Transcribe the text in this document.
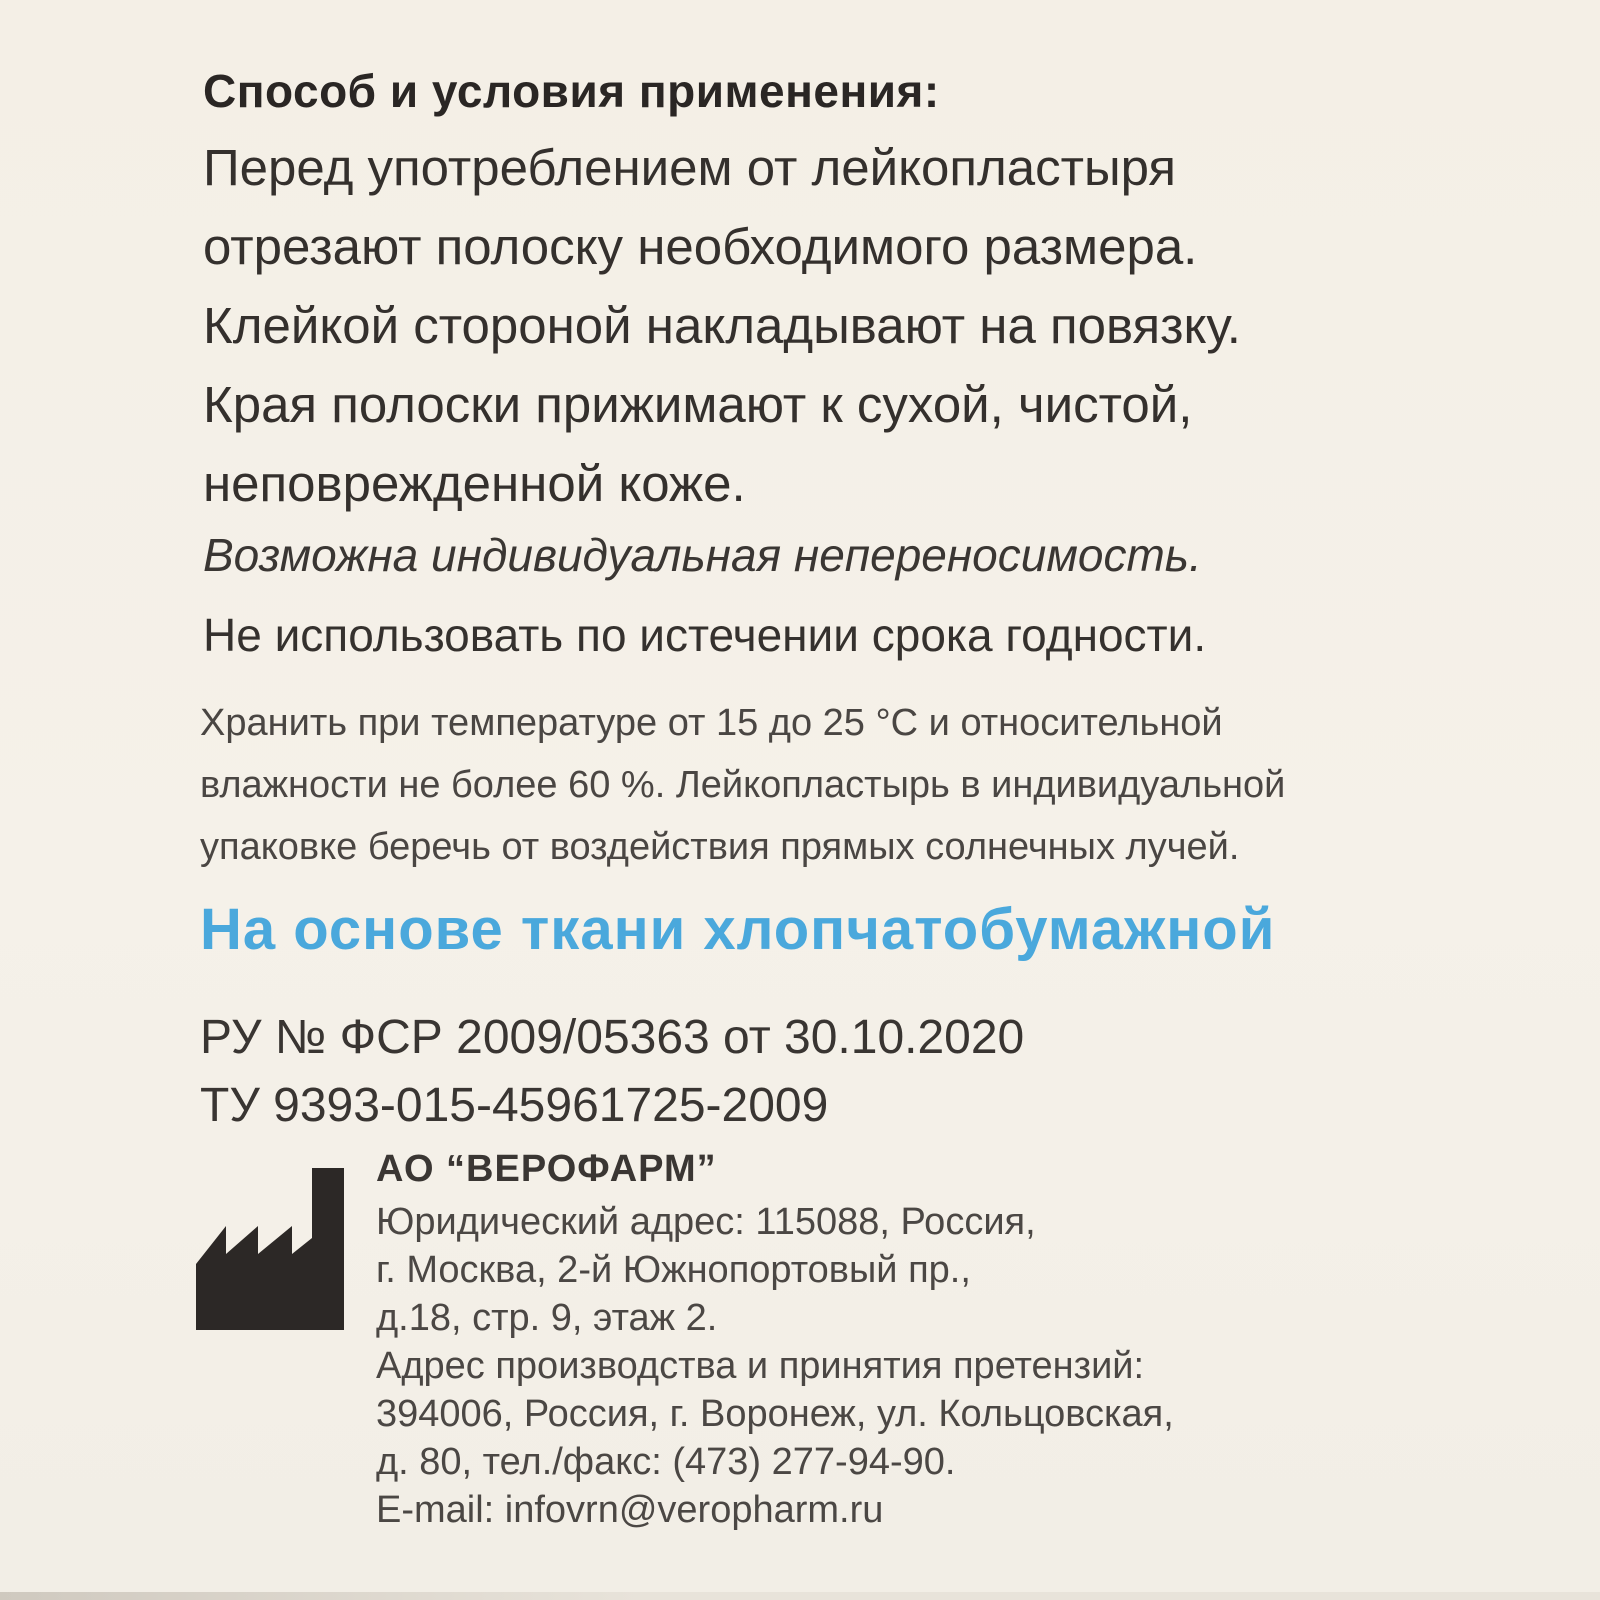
Способ и условия применения:
Перед употреблением от лейкопластыря
отрезают полоску необходимого размера.
Клейкой стороной накладывают на повязку.
Края полоски прижимают к сухой, чистой,
неповрежденной коже.
Возможна индивидуальная непереносимость.
Не использовать по истечении срока годности.
Хранить при температуре от 15 до 25 °С и относительной
влажности не более 60 %. Лейкопластырь в индивидуальной
упаковке беречь от воздействия прямых солнечных лучей.
На основе ткани хлопчатобумажной
РУ № ФСР 2009/05363 от 30.10.2020
ТУ 9393-015-45961725-2009
АО “ВЕРОФАРМ”
Юридический адрес: 115088, Россия,
г. Москва, 2-й Южнопортовый пр.,
д.18, стр. 9, этаж 2.
Адрес производства и принятия претензий:
394006, Россия, г. Воронеж, ул. Кольцовская,
д. 80, тел./факс: (473) 277-94-90.
E-mail: infovrn@veropharm.ru
